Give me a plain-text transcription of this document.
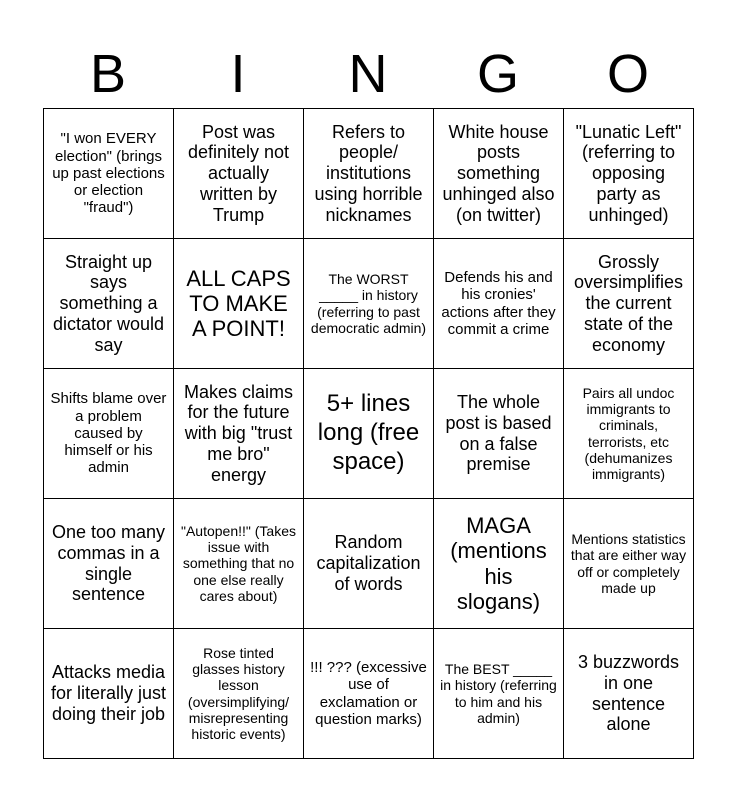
B	I	N	G	O
"I won EVERY election" (brings up past elections or election "fraud")	Post was definitely not actually written by Trump	Refers to people/ institutions using horrible nicknames	White house posts something unhinged also (on twitter)	"Lunatic Left" (referring to opposing party as unhinged)
Straight up says something a dictator would say	ALL CAPS TO MAKE A POINT!	The WORST _____ in history (referring to past democratic admin)	Defends his and his cronies' actions after they commit a crime	Grossly oversimplifies the current state of the economy
Shifts blame over a problem caused by himself or his admin	Makes claims for the future with big "trust me bro" energy	5+ lines long (free space)	The whole post is based on a false premise	Pairs all undoc immigrants to criminals, terrorists, etc (dehumanizes immigrants)
One too many commas in a single sentence	"Autopen!!" (Takes issue with something that no one else really cares about)	Random capitalization of words	MAGA (mentions his slogans)	Mentions statistics that are either way off or completely made up
Attacks media for literally just doing their job	Rose tinted glasses history lesson (oversimplifying/ misrepresenting historic events)	!!! ??? (excessive use of exclamation or question marks)	The BEST _____ in history (referring to him and his admin)	3 buzzwords in one sentence alone
